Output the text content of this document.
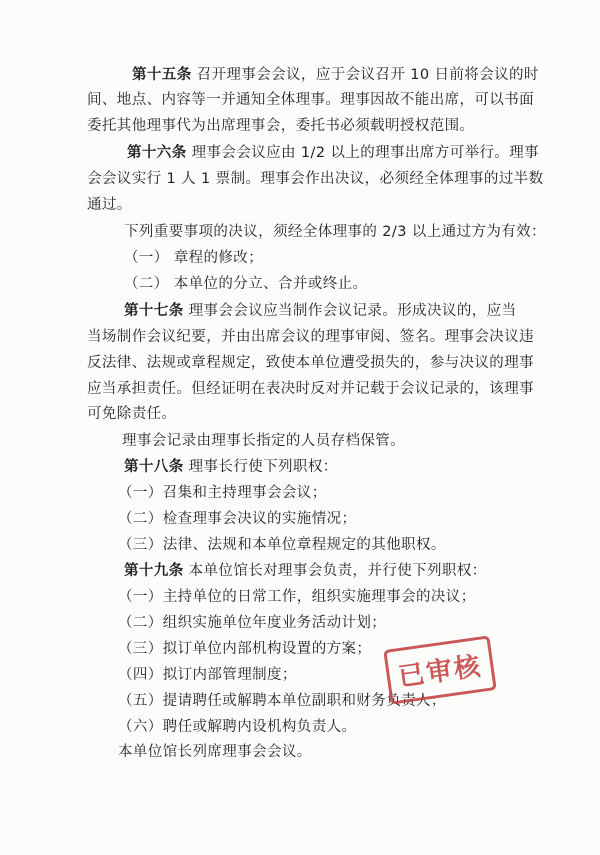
第十五条 召开理事会会议，应于会议召开 10 日前将会议的时
间、地点、内容等一并通知全体理事。理事因故不能出席，可以书面
委托其他理事代为出席理事会，委托书必须载明授权范围。
第十六条 理事会会议应由 1/2 以上的理事出席方可举行。理事
会会议实行 1 人 1 票制。理事会作出决议，必须经全体理事的过半数
通过。
下列重要事项的决议，须经全体理事的 2/3 以上通过方为有效：
（一） 章程的修改；
（二） 本单位的分立、合并或终止。
第十七条 理事会会议应当制作会议记录。形成决议的，应当
当场制作会议纪要，并由出席会议的理事审阅、签名。理事会决议违
反法律、法规或章程规定，致使本单位遭受损失的，参与决议的理事
应当承担责任。但经证明在表决时反对并记载于会议记录的，该理事
可免除责任。
理事会记录由理事长指定的人员存档保管。
第十八条 理事长行使下列职权：
（一）召集和主持理事会会议；
（二）检查理事会决议的实施情况；
（三）法律、法规和本单位章程规定的其他职权。
第十九条 本单位馆长对理事会负责，并行使下列职权：
（一）主持单位的日常工作，组织实施理事会的决议；
（二）组织实施单位年度业务活动计划；
（三）拟订单位内部机构设置的方案；
（四）拟订内部管理制度；
（五）提请聘任或解聘本单位副职和财务负责人；
（六）聘任或解聘内设机构负责人。
本单位馆长列席理事会会议。
已审核
